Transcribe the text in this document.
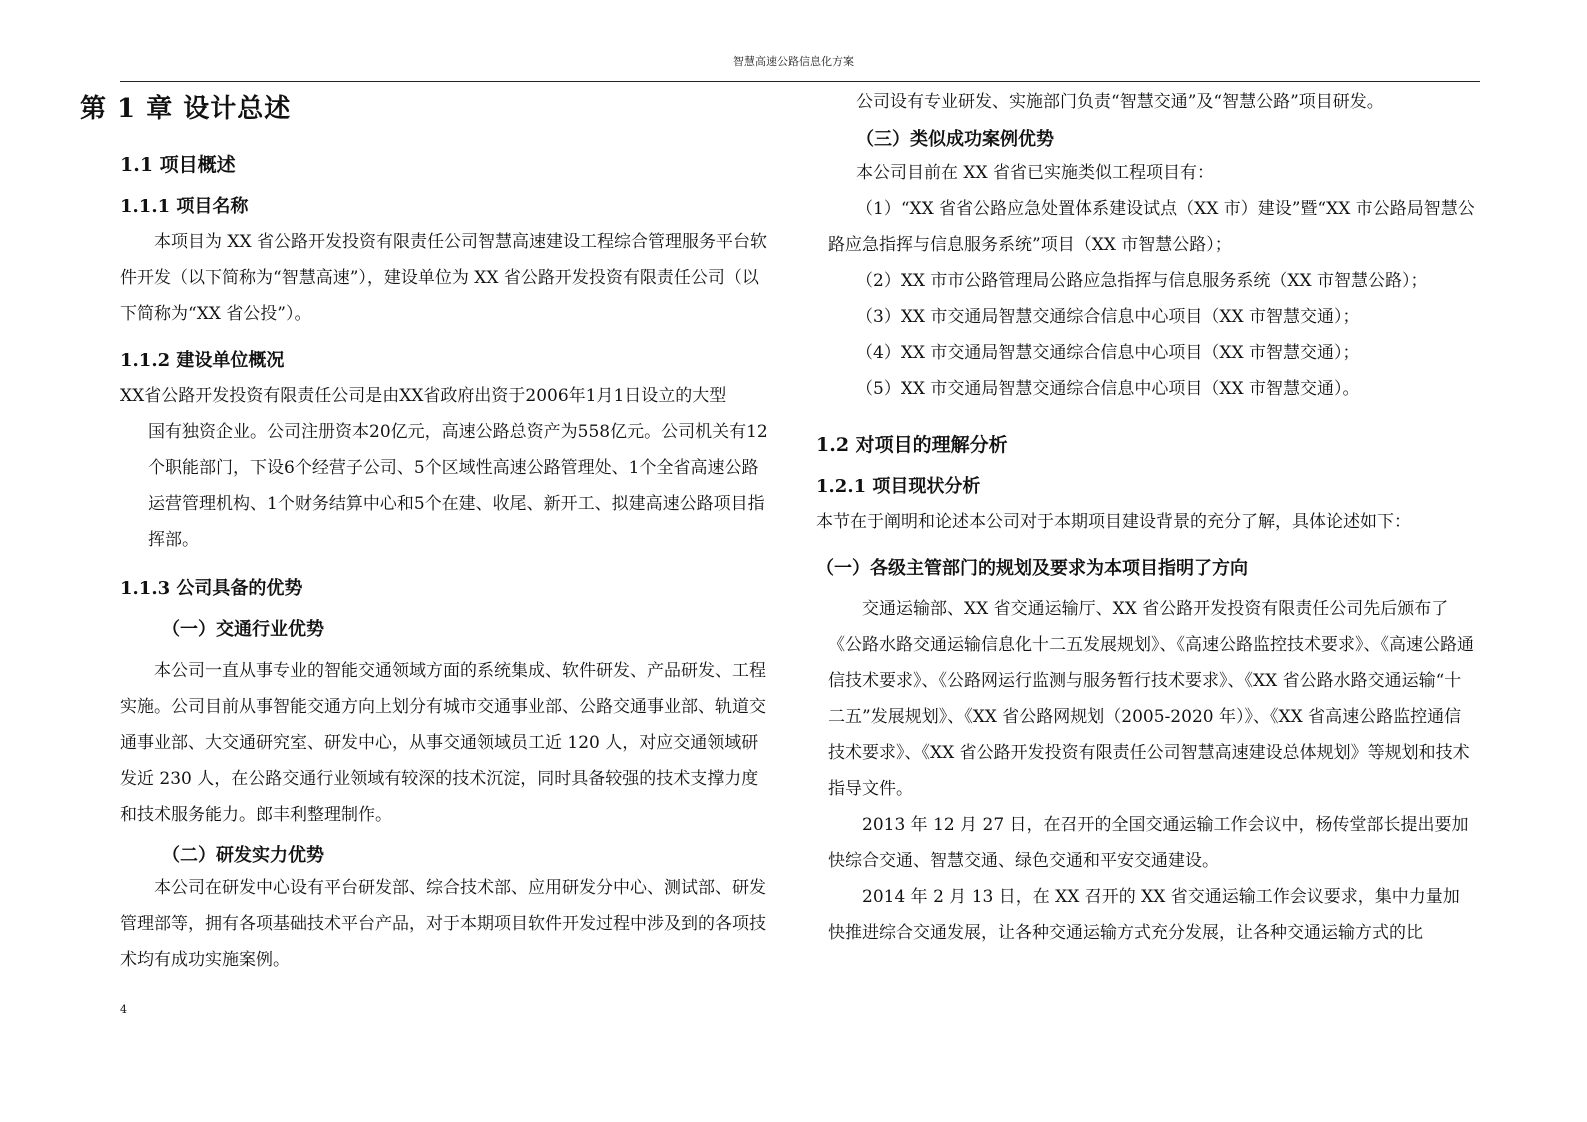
智慧高速公路信息化方案
第 1 章 设计总述
1.1 项目概述
1.1.1 项目名称

本项目为 XX 省公路开发投资有限责任公司智慧高速建设工程综合管理服务平台软件开发（以下简称为“智慧高速”），建设单位为 XX 省公路开发投资有限责任公司（以下简称为“XX 省公投”）。

1.1.2 建设单位概况

XX省公路开发投资有限责任公司是由XX省政府出资于2006年1月1日设立的大型

国有独资企业。公司注册资本20亿元，高速公路总资产为558亿元。公司机关有12个职能部门，下设6个经营子公司、5个区域性高速公路管理处、1个全省高速公路运营管理机构、1个财务结算中心和5个在建、收尾、新开工、拟建高速公路项目指挥部。

1.1.3 公司具备的优势
（一）交通行业优势

本公司一直从事专业的智能交通领域方面的系统集成、软件研发、产品研发、工程实施。公司目前从事智能交通方向上划分有城市交通事业部、公路交通事业部、轨道交通事业部、大交通研究室、研发中心，从事交通领域员工近 120 人，对应交通领域研发近 230 人，在公路交通行业领域有较深的技术沉淀，同时具备较强的技术支撑力度和技术服务能力。郎丰利整理制作。

（二）研发实力优势

本公司在研发中心设有平台研发部、综合技术部、应用研发分中心、测试部、研发管理部等，拥有各项基础技术平台产品，对于本期项目软件开发过程中涉及到的各项技术均有成功实施案例。

公司设有专业研发、实施部门负责“智慧交通”及“智慧公路”项目研发。

（三）类似成功案例优势

本公司目前在 XX 省省已实施类似工程项目有：

（1）“XX 省省公路应急处置体系建设试点（XX 市）建设”暨“XX 市公路局智慧公路应急指挥与信息服务系统”项目（XX 市智慧公路）；

（2）XX 市市公路管理局公路应急指挥与信息服务系统（XX 市智慧公路）；

（3）XX 市交通局智慧交通综合信息中心项目（XX 市智慧交通）；

（4）XX 市交通局智慧交通综合信息中心项目（XX 市智慧交通）；

（5）XX 市交通局智慧交通综合信息中心项目（XX 市智慧交通）。

1.2 对项目的理解分析
1.2.1 项目现状分析

本节在于阐明和论述本公司对于本期项目建设背景的充分了解，具体论述如下：

（一）各级主管部门的规划及要求为本项目指明了方向

交通运输部、XX 省交通运输厅、XX 省公路开发投资有限责任公司先后颁布了《公路水路交通运输信息化十二五发展规划》、《高速公路监控技术要求》、《高速公路通信技术要求》、《公路网运行监测与服务暂行技术要求》、《XX 省公路水路交通运输“十二五”发展规划》、《XX 省公路网规划（2005-2020 年）》、《XX 省高速公路监控通信技术要求》、《XX 省公路开发投资有限责任公司智慧高速建设总体规划》等规划和技术指导文件。

2013 年 12 月 27 日，在召开的全国交通运输工作会议中，杨传堂部长提出要加快综合交通、智慧交通、绿色交通和平安交通建设。

2014 年 2 月 13 日，在 XX 召开的 XX 省交通运输工作会议要求，集中力量加快推进综合交通发展，让各种交通运输方式充分发展，让各种交通运输方式的比

4
